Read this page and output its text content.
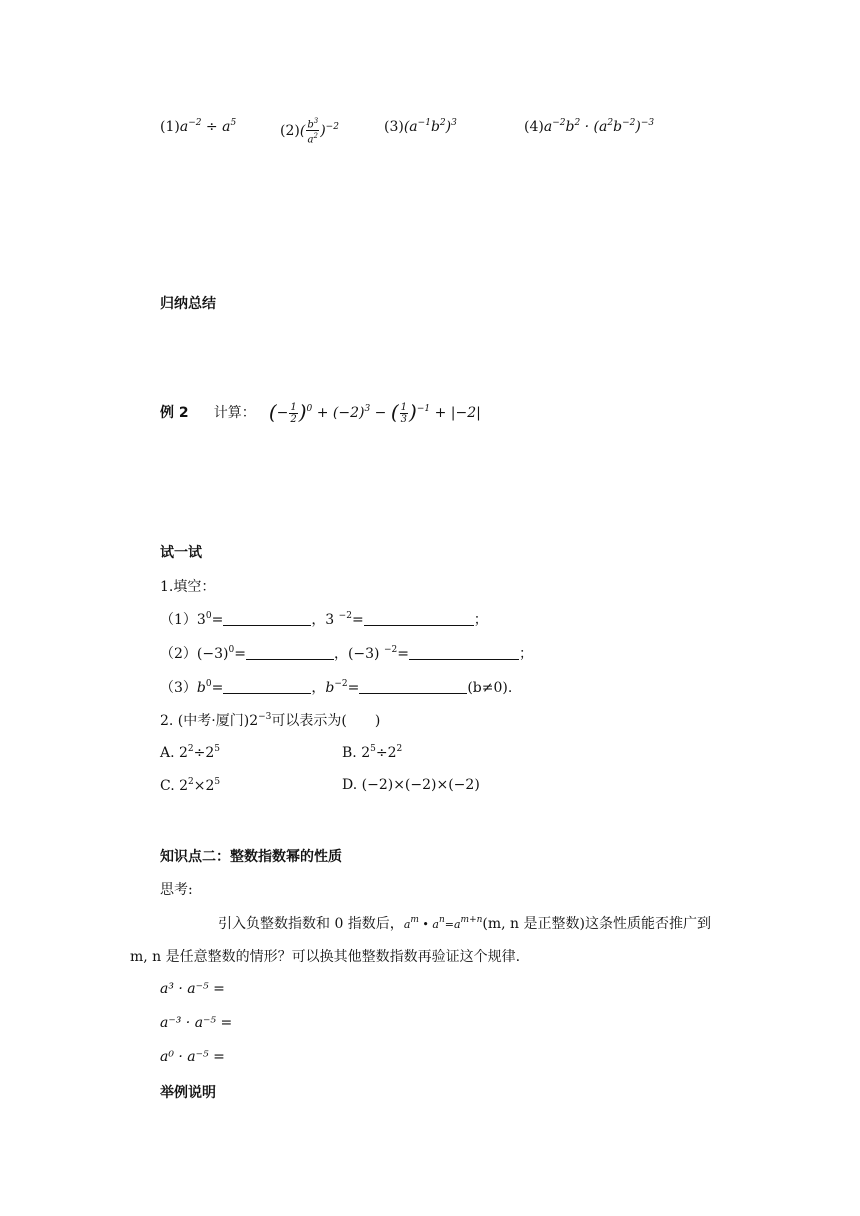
$(1)a^{-2} \div a^5$	$(2)( \frac{b^3}{a^2} )^{-2}$	$(3)(a^{-1}b^2)^3$	$(4)a^{-2}b^2 \cdot (a^2b^{-2})^{-3}$
归纳总结
例 2 计算： (− $\frac{1}{2} )^0 + (-2)^3$ − ( $\frac{1}{3} )^{-1} + |-2|$
试一试
1.填空：
$(1)3^0=$	，3 $^{-2}$=	；
$(2)(-3)^0=$	，(−3) $^{-2}$=	；
$(3)b^0=$	，$b^{-2}=$	(b≠0).
2. (中考·厦门)$2^{-3}$可以表示为(　　)
A. $2^2\div 2^5$	B. $2^5\div 2^2$
C. $2^2\times 2^5$	D. (−2)×(−2)×(−2)
知识点二：整数指数幂的性质
思考:
引入负整数指数和 0 指数后，$a^m$ • $a^n=a^{m+n}(m$, n 是正整数)这条性质能否推广到
m, n 是任意整数的情形？可以换其他整数指数再验证这个规律.
a³ · a⁻⁵ =
a⁻³ · a⁻⁵ =
a⁰ · a⁻⁵ =
举例说明
